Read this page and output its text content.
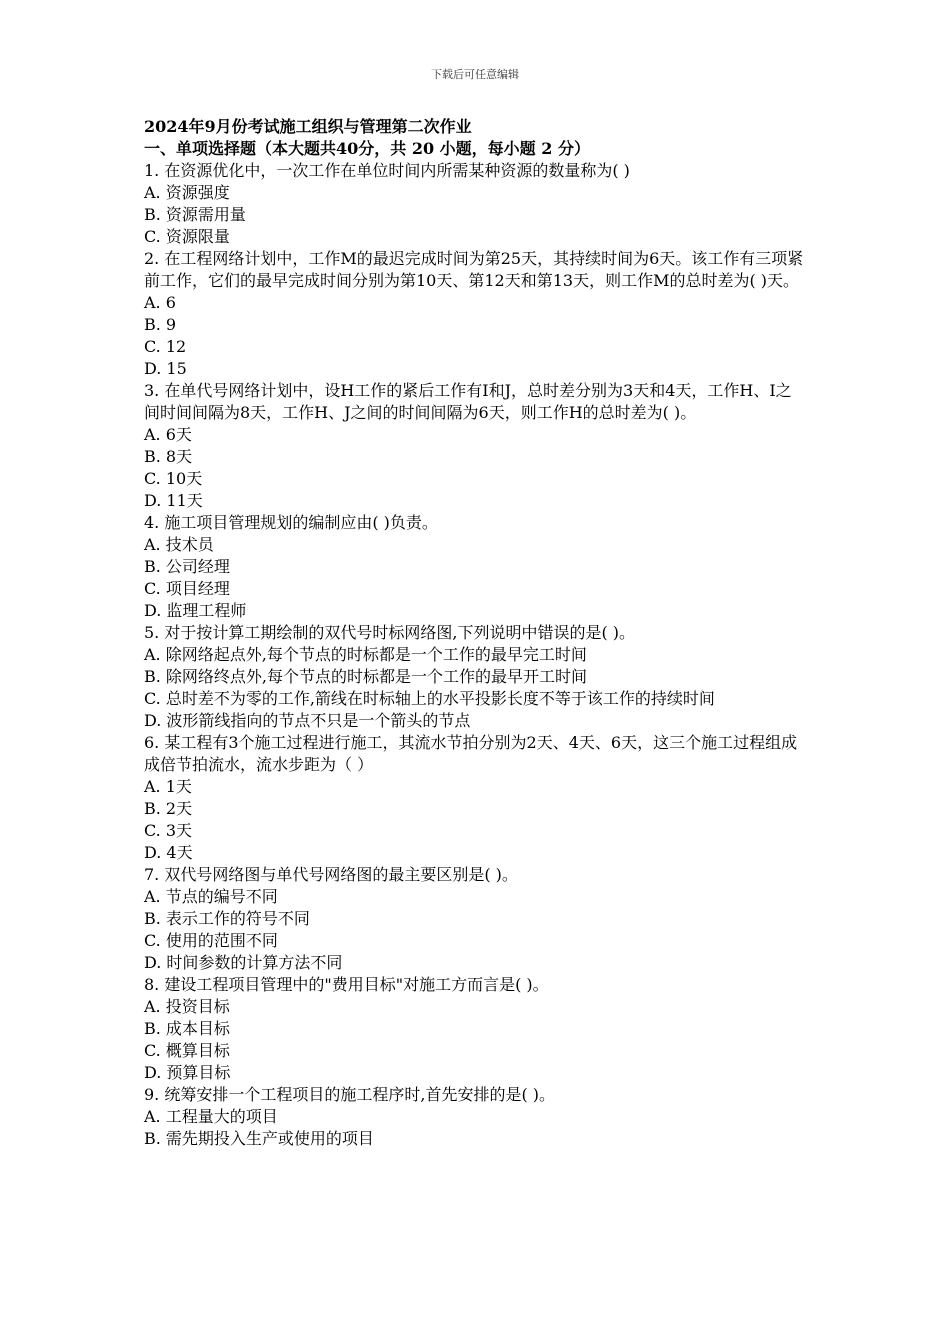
下载后可任意编辑

2024年9月份考试施工组织与管理第二次作业

一、单项选择题（本大题共40分，共 20 小题，每小题 2 分）

1. 在资源优化中，一次工作在单位时间内所需某种资源的数量称为( )

A. 资源强度
B. 资源需用量
C. 资源限量

2. 在工程网络计划中，工作M的最迟完成时间为第25天，其持续时间为6天。该工作有三项紧前工作，它们的最早完成时间分别为第10天、第12天和第13天，则工作M的总时差为( )天。

A. 6
B. 9
C. 12
D. 15

3. 在单代号网络计划中，设H工作的紧后工作有I和J，总时差分别为3天和4天，工作H、I之间时间间隔为8天，工作H、J之间的时间间隔为6天，则工作H的总时差为( )。

A. 6天
B. 8天
C. 10天
D. 11天

4. 施工项目管理规划的编制应由( )负责。

A. 技术员
B. 公司经理
C. 项目经理
D. 监理工程师

5. 对于按计算工期绘制的双代号时标网络图,下列说明中错误的是( )。

A. 除网络起点外,每个节点的时标都是一个工作的最早完工时间
B. 除网络终点外,每个节点的时标都是一个工作的最早开工时间
C. 总时差不为零的工作,箭线在时标轴上的水平投影长度不等于该工作的持续时间
D. 波形箭线指向的节点不只是一个箭头的节点

6. 某工程有3个施工过程进行施工，其流水节拍分别为2天、4天、6天，这三个施工过程组成成倍节拍流水，流水步距为（ ）

A. 1天
B. 2天
C. 3天
D. 4天

7. 双代号网络图与单代号网络图的最主要区别是( )。

A. 节点的编号不同
B. 表示工作的符号不同
C. 使用的范围不同
D. 时间参数的计算方法不同

8. 建设工程项目管理中的"费用目标"对施工方而言是( )。

A. 投资目标
B. 成本目标
C. 概算目标
D. 预算目标

9. 统筹安排一个工程项目的施工程序时,首先安排的是( )。

A. 工程量大的项目
B. 需先期投入生产或使用的项目
